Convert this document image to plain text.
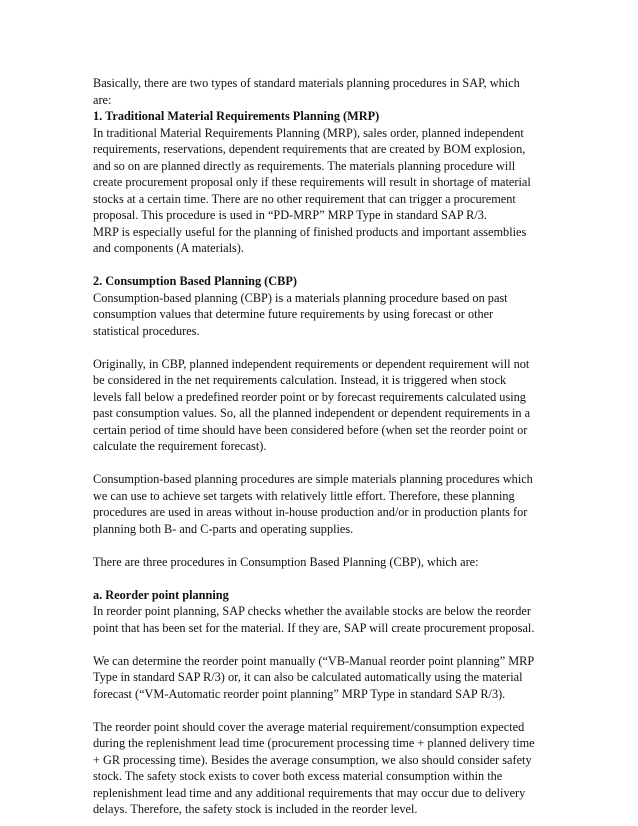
Basically, there are two types of standard materials planning procedures in SAP, which
are:
1. Traditional Material Requirements Planning (MRP)
In traditional Material Requirements Planning (MRP), sales order, planned independent
requirements, reservations, dependent requirements that are created by BOM explosion,
and so on are planned directly as requirements. The materials planning procedure will
create procurement proposal only if these requirements will result in shortage of material
stocks at a certain time. There are no other requirement that can trigger a procurement
proposal. This procedure is used in “PD-MRP” MRP Type in standard SAP R/3.
MRP is especially useful for the planning of finished products and important assemblies
and components (A materials).
2. Consumption Based Planning (CBP)
Consumption-based planning (CBP) is a materials planning procedure based on past
consumption values that determine future requirements by using forecast or other
statistical procedures.
Originally, in CBP, planned independent requirements or dependent requirement will not
be considered in the net requirements calculation. Instead, it is triggered when stock
levels fall below a predefined reorder point or by forecast requirements calculated using
past consumption values. So, all the planned independent or dependent requirements in a
certain period of time should have been considered before (when set the reorder point or
calculate the requirement forecast).
Consumption-based planning procedures are simple materials planning procedures which
we can use to achieve set targets with relatively little effort. Therefore, these planning
procedures are used in areas without in-house production and/or in production plants for
planning both B- and C-parts and operating supplies.
There are three procedures in Consumption Based Planning (CBP), which are:
a. Reorder point planning
In reorder point planning, SAP checks whether the available stocks are below the reorder
point that has been set for the material. If they are, SAP will create procurement proposal.
We can determine the reorder point manually (“VB-Manual reorder point planning” MRP
Type in standard SAP R/3) or, it can also be calculated automatically using the material
forecast (“VM-Automatic reorder point planning” MRP Type in standard SAP R/3).
The reorder point should cover the average material requirement/consumption expected
during the replenishment lead time (procurement processing time + planned delivery time
+ GR processing time). Besides the average consumption, we also should consider safety
stock. The safety stock exists to cover both excess material consumption within the
replenishment lead time and any additional requirements that may occur due to delivery
delays. Therefore, the safety stock is included in the reorder level.
